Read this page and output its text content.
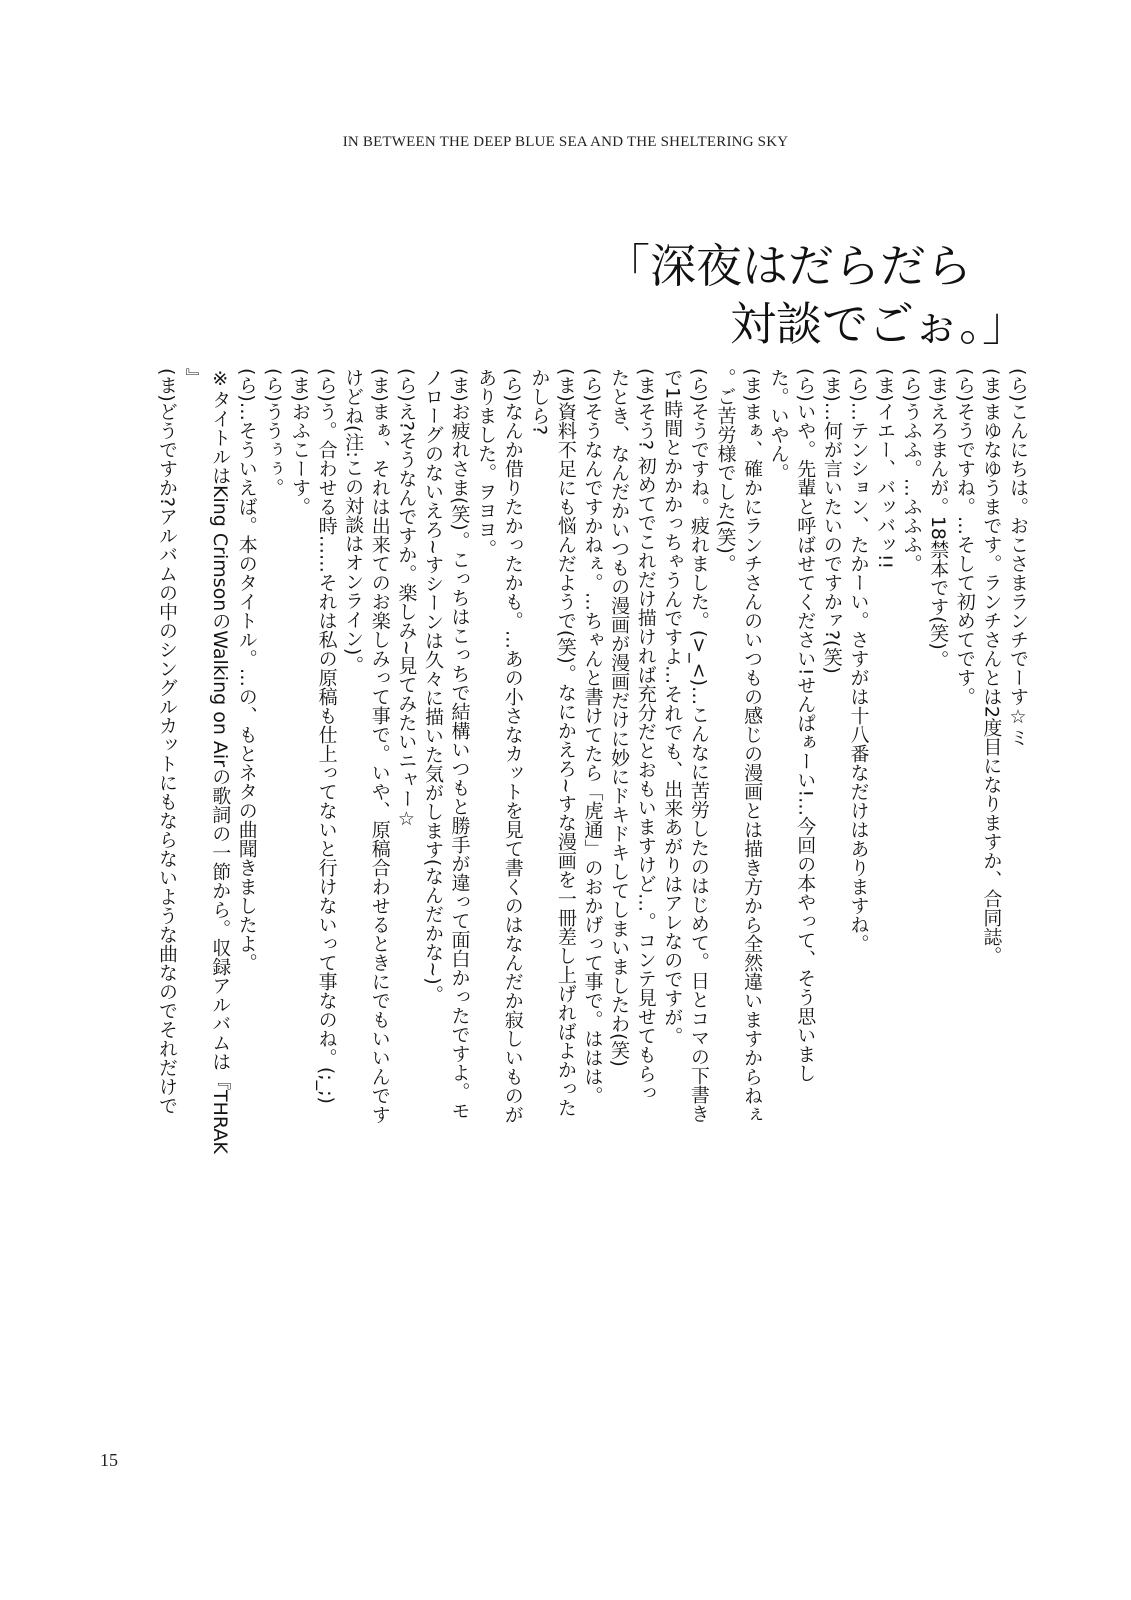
IN BETWEEN THE DEEP BLUE SEA AND THE SHELTERING SKY
「深夜はだらだら
対談でごぉ。」
(ら)こんにちは。おこさまランチでーす☆ミ
(ま)まゆなゆうまです。ランチさんとは2度目になりますか、合同誌。
(ら)そうですね。…そして初めてです。
(ま)えろまんが。18禁本です(笑)。
(ら)うふふ。…ふふふ。
(ま)イエー、バッバッ!!
(ら)…テンション、たかーい。さすがは十八番なだけはありますね。
(ま)…何が言いたいのですかァ?(笑)
(ら)いや。先輩と呼ばせてください!せんぱぁーい!…今回の本やって、そう思いまし
た。いやん。
(ま)まぁ、確かにランチさんのいつもの感じの漫画とは描き方から全然違いますからねぇ
。ご苦労様でした(笑)。
(ら)そうですね。疲れました。(>_<)…こんなに苦労したのはじめて。日とコマの下書き
で1時間とかかかっちゃうんですよ…それでも、出来あがりはアレなのですが。
(ま)そう? 初めてでこれだけ描ければ充分だとおもいますけど…。コンテ見せてもらっ
たとき、なんだかいつもの漫画が漫画だけに妙にドキドキしてしまいましたわ(笑)
(ら)そうなんですかねぇ。…ちゃんと書けてたら「虎通」のおかげって事で。ははは。
(ま)資料不足にも悩んだようで(笑)。なにかえろ~すな漫画を一冊差し上げればよかった
かしら?
(ら)なんか借りたかったかも。…あの小さなカットを見て書くのはなんだか寂しいものが
ありました。ヲヨヨ。
(ま)お疲れさま(笑)。こっちはこっちで結構いつもと勝手が違って面白かったですよ。モ
ノローグのないえろ~すシーンは久々に描いた気がします(なんだかな~)。
(ら)え?そうなんですか。楽しみ~見てみたいニャー☆
(ま)まぁ、それは出来てのお楽しみって事で。いや、原稿合わせるときにでもいいんです
けどね(注:この対談はオンライン)。
(ら)う。合わせる時……それは私の原稿も仕上ってないと行けないって事なのね。(;_;)
(ま)おふこーす。
(ら)ううぅぅ。
(ら)…そういえば。本のタイトル。…の、もとネタの曲聞きましたよ。
※タイトルはKing CrimsonのWalking on Airの歌詞の一節から。収録アルバムは『THRAK
』
(ま)どうですか?アルバムの中のシングルカットにもならないような曲なのでそれだけで
15
